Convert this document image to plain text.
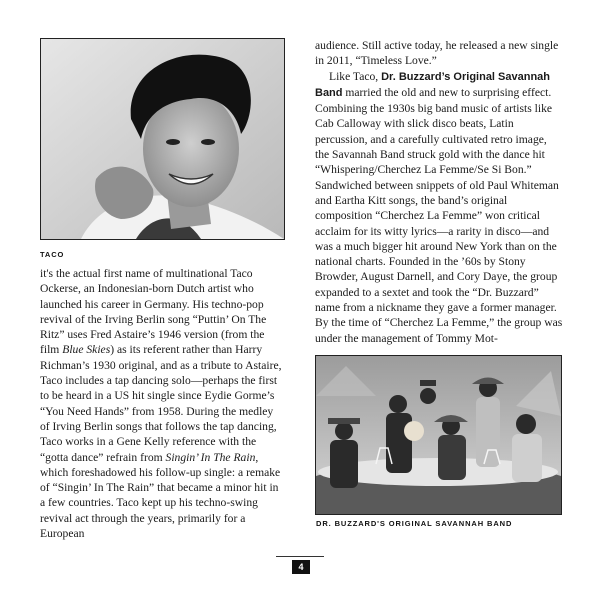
TACO

it's the actual first name of multinational Taco Ockerse, an Indonesian-born Dutch artist who launched his career in Germany. His techno-pop revival of the Irving Berlin song “Puttin’ On The Ritz” uses Fred Astaire’s 1946 version (from the film Blue Skies) as its referent rather than Harry Richman’s 1930 original, and as a tribute to Astaire, Taco includes a tap dancing solo—perhaps the first to be heard in a US hit single since Eydie Gorme’s “You Need Hands” from 1958. During the medley of Irving Berlin songs that follows the tap dancing, Taco works in a Gene Kelly reference with the “gotta dance” refrain from Singin’ In The Rain, which foreshadowed his follow-up single: a remake of “Singin’ In The Rain” that became a minor hit in a few countries. Taco kept up his techno-swing revival act through the years, primarily for a European

audience. Still active today, he released a new single in 2011, “Timeless Love.”

Like Taco, Dr. Buzzard’s Original Savannah Band married the old and new to surprising effect. Combining the 1930s big band music of artists like Cab Calloway with slick disco beats, Latin percussion, and a carefully cultivated retro image, the Savannah Band struck gold with the dance hit “Whispering/Cherchez La Femme/Se Si Bon.” Sandwiched between snippets of old Paul Whiteman and Eartha Kitt songs, the band’s original composition “Cherchez La Femme” won critical acclaim for its witty lyrics—a rarity in disco—and was a much bigger hit around New York than on the national charts. Founded in the ’60s by Stony Browder, August Darnell, and Cory Daye, the group expanded to a sextet and took the “Dr. Buzzard” name from a nickname they gave a former manager. By the time of “Cherchez La Femme,” the group was under the management of Tommy Mot-

DR. BUZZARD'S ORIGINAL SAVANNAH BAND
4
